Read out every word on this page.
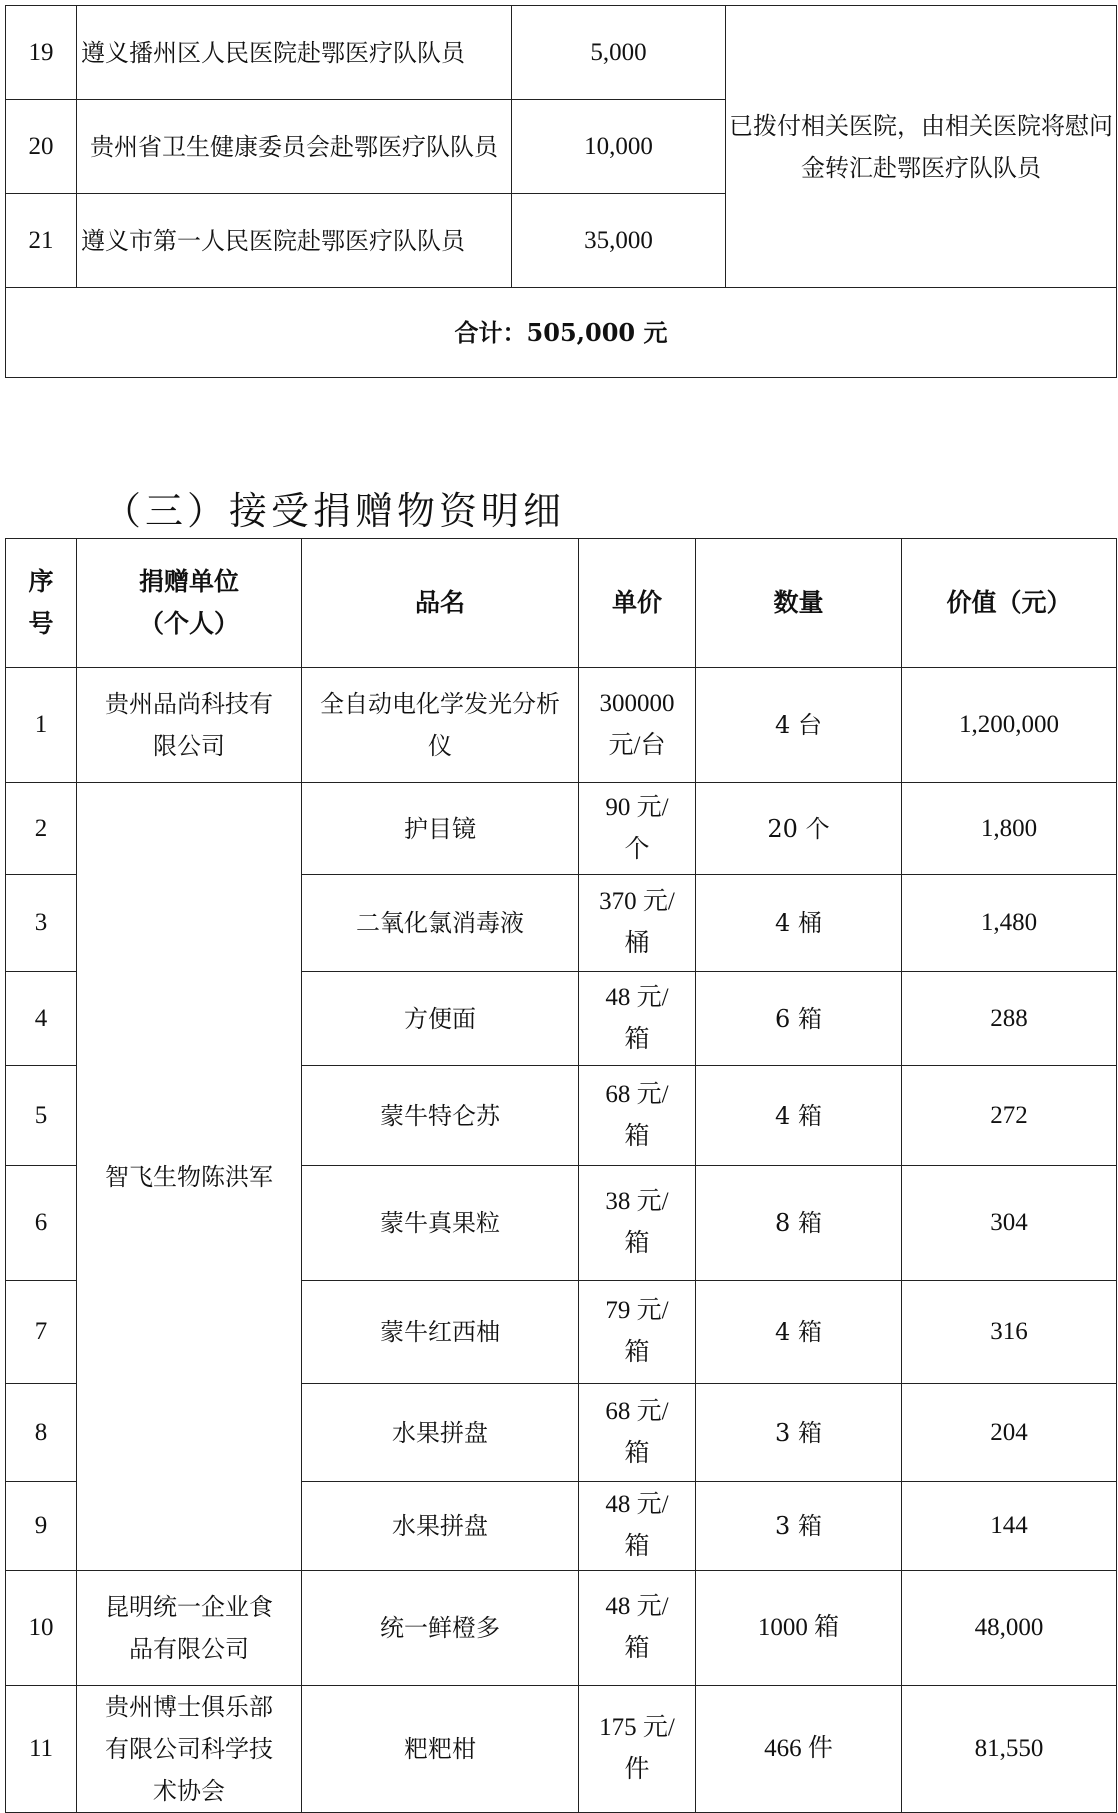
19	遵义播州区人民医院赴鄂医疗队队员	5,000	已拨付相关医院，由相关医院将慰问金转汇赴鄂医疗队队员
20	贵州省卫生健康委员会赴鄂医疗队队员	10,000	
21	遵义市第一人民医院赴鄂医疗队队员	35,000	
合计：505,000 元			
（三）接受捐赠物资明细
序号	捐赠单位（个人）	品名	单价	数量	价值（元）
1	贵州品尚科技有限公司	全自动电化学发光分析仪	300000元/台	4 台	1,200,000
2	智飞生物陈洪军	护目镜	90 元/个	20 个	1,800
3		二氧化氯消毒液	370 元/桶	4 桶	1,480
4		方便面	48 元/箱	6 箱	288
5		蒙牛特仑苏	68 元/箱	4 箱	272
6		蒙牛真果粒	38 元/箱	8 箱	304
7		蒙牛红西柚	79 元/箱	4 箱	316
8		水果拼盘	68 元/箱	3 箱	204
9		水果拼盘	48 元/箱	3 箱	144
10	昆明统一企业食品有限公司	统一鲜橙多	48 元/箱	1000 箱	48,000
11	贵州博士俱乐部有限公司科学技术协会	粑粑柑	175 元/件	466 件	81,550
